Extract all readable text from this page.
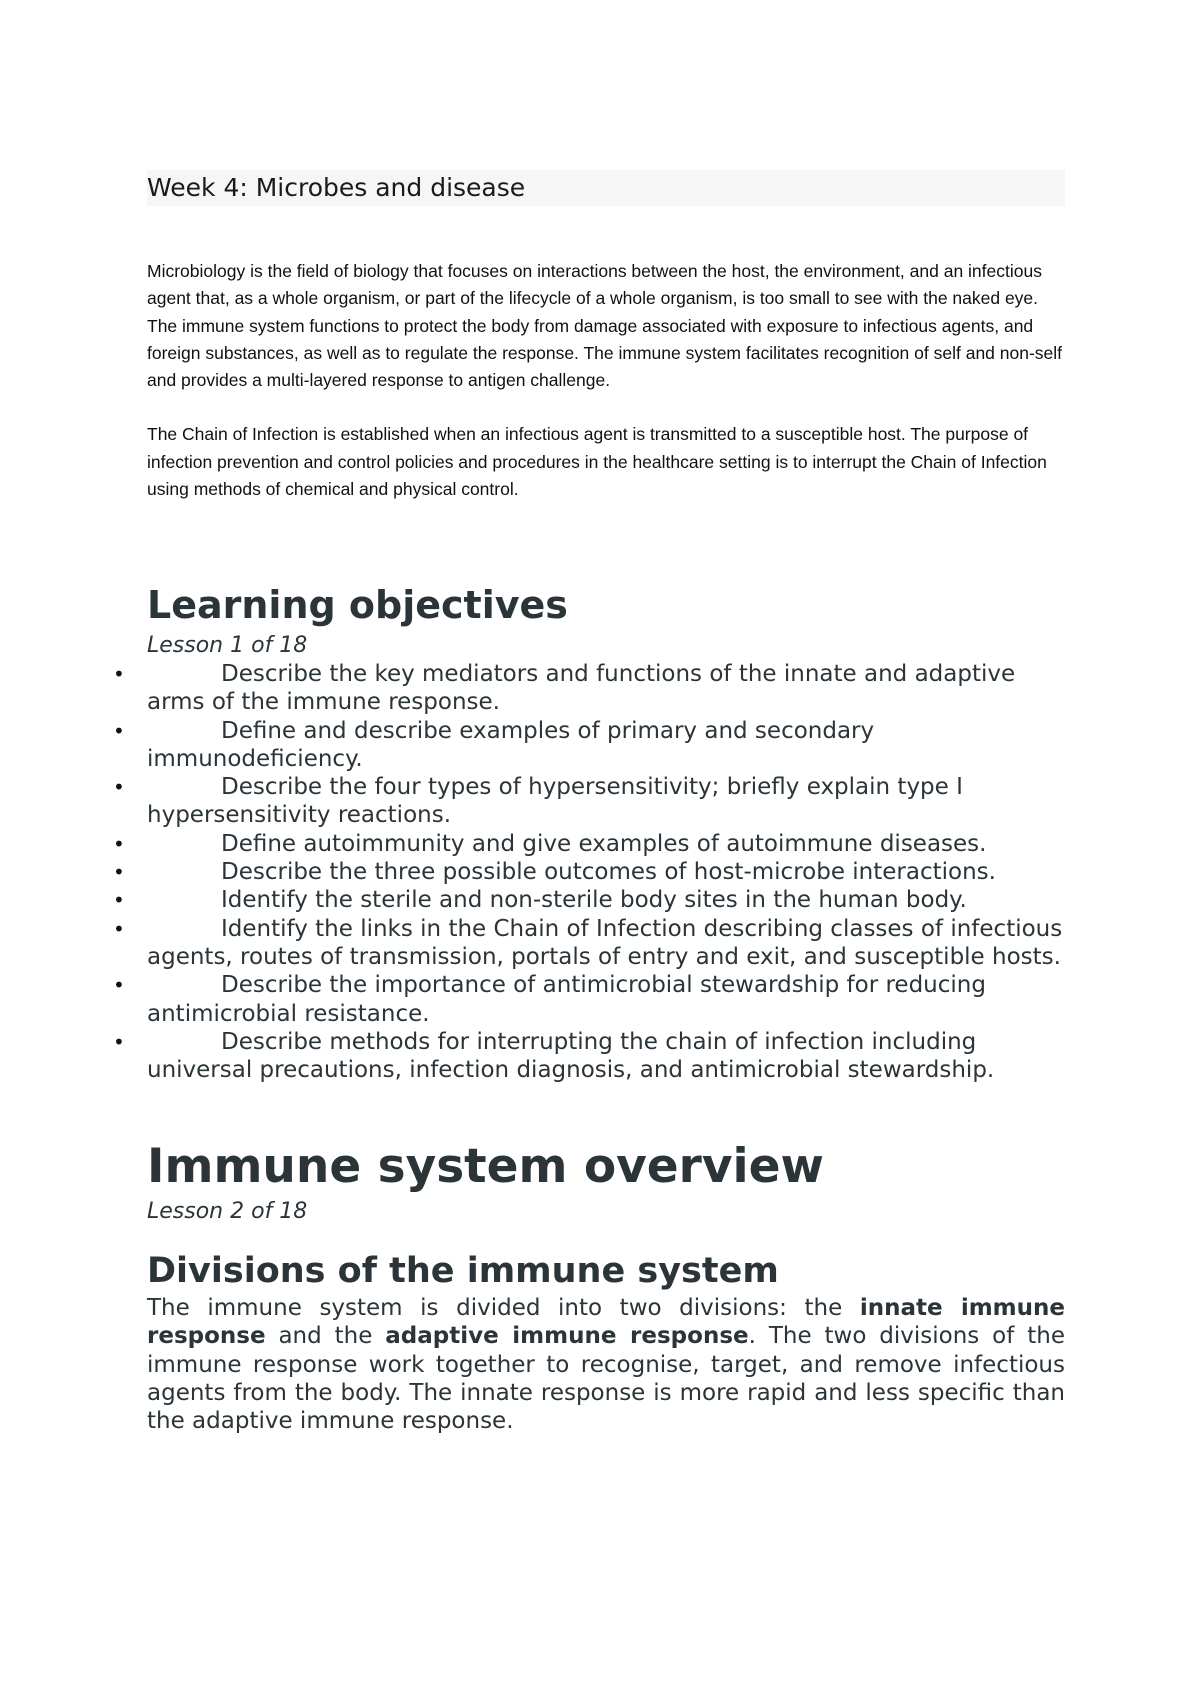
Week 4: Microbes and disease

Microbiology is the field of biology that focuses on interactions between the host, the environment, and an infectious agent that, as a whole organism, or part of the lifecycle of a whole organism, is too small to see with the naked eye. The immune system functions to protect the body from damage associated with exposure to infectious agents, and foreign substances, as well as to regulate the response. The immune system facilitates recognition of self and non-self and provides a multi-layered response to antigen challenge.

The Chain of Infection is established when an infectious agent is transmitted to a susceptible host. The purpose of infection prevention and control policies and procedures in the healthcare setting is to interrupt the Chain of Infection using methods of chemical and physical control.

Learning objectives

Lesson 1 of 18

•	Describe the key mediators and functions of the innate and adaptive arms of the immune response.
•	Define and describe examples of primary and secondary immunodeficiency.
•	Describe the four types of hypersensitivity; briefly explain type I hypersensitivity reactions.
•	Define autoimmunity and give examples of autoimmune diseases.
•	Describe the three possible outcomes of host-microbe interactions.
•	Identify the sterile and non-sterile body sites in the human body.
•	Identify the links in the Chain of Infection describing classes of infectious agents, routes of transmission, portals of entry and exit, and susceptible hosts.
•	Describe the importance of antimicrobial stewardship for reducing antimicrobial resistance.
•	Describe methods for interrupting the chain of infection including universal precautions, infection diagnosis, and antimicrobial stewardship.
Immune system overview

Lesson 2 of 18

Divisions of the immune system

The immune system is divided into two divisions: the innate immune response and the adaptive immune response. The two divisions of the immune response work together to recognise, target, and remove infectious agents from the body. The innate response is more rapid and less specific than the adaptive immune response.
